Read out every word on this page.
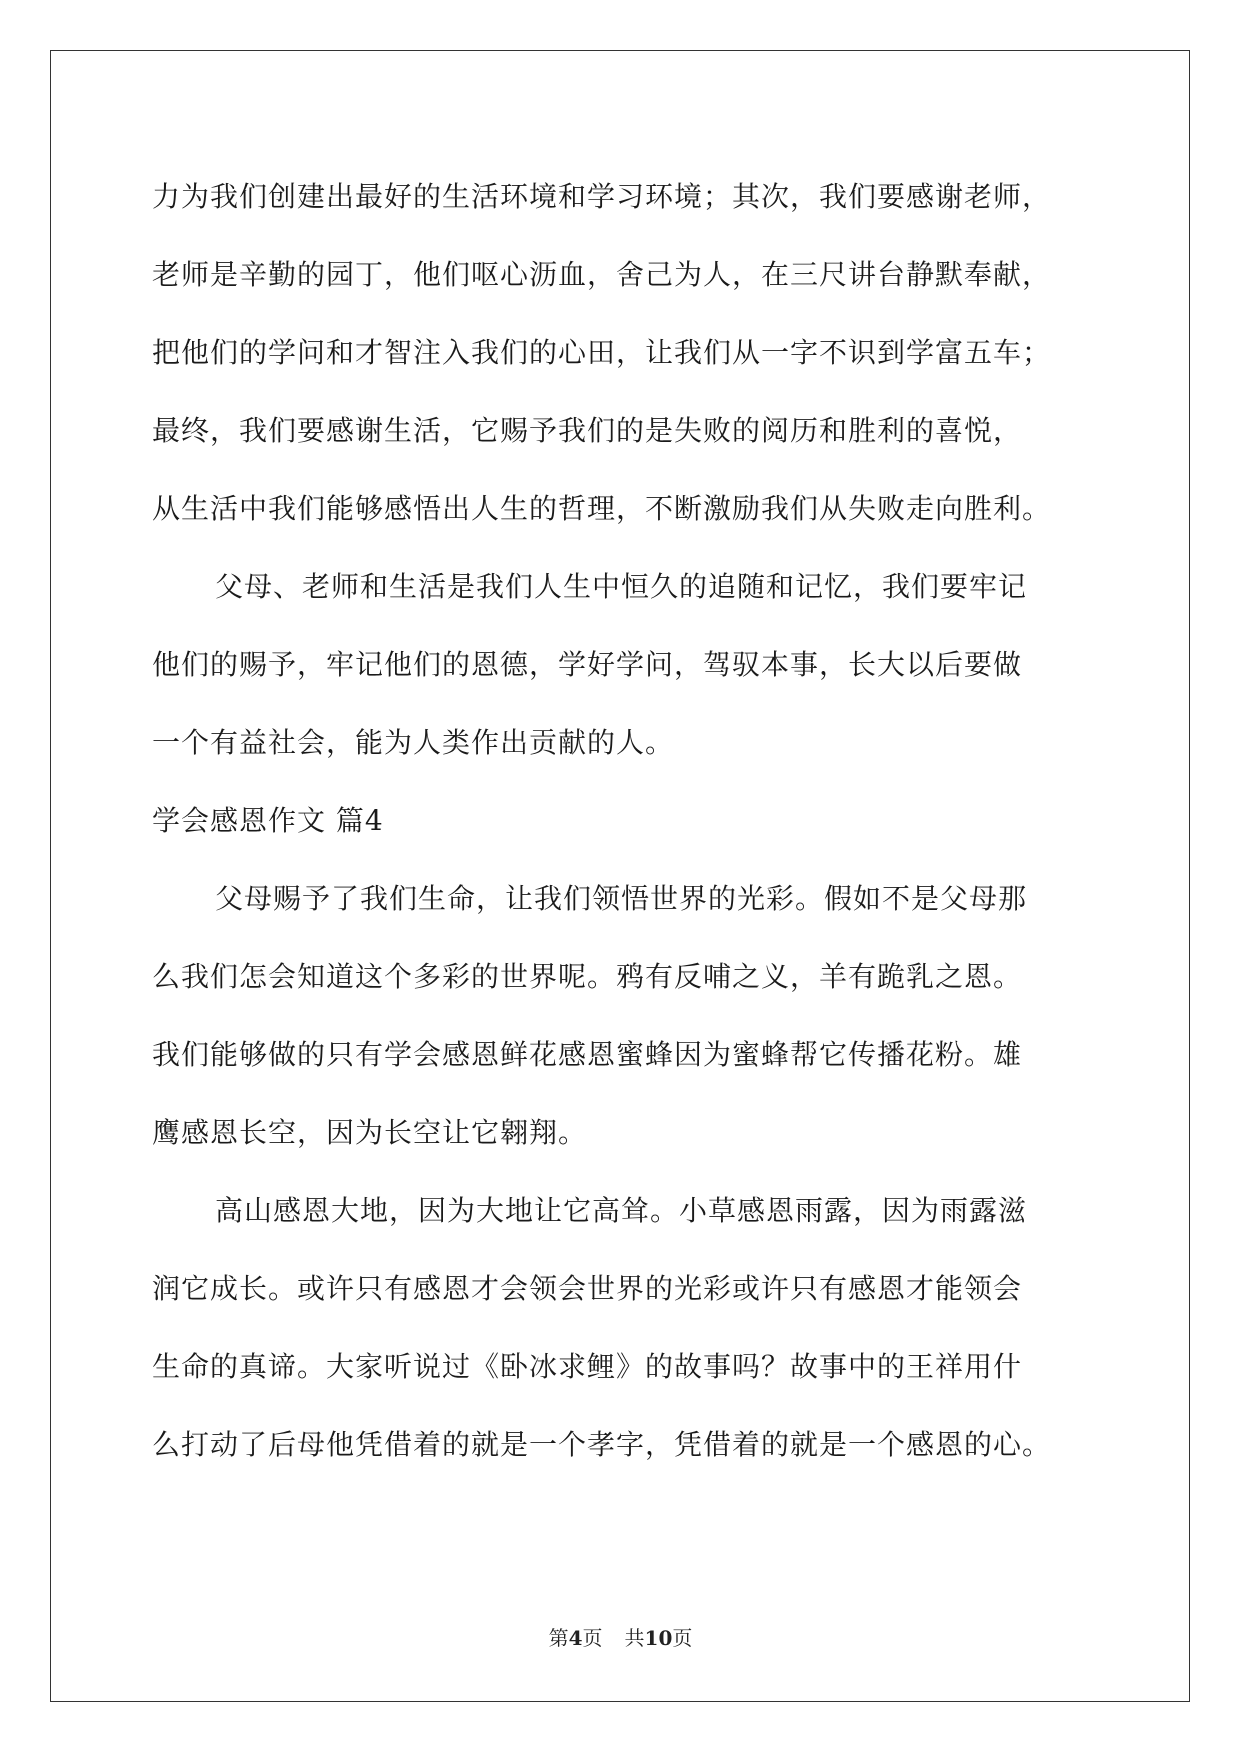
力为我们创建出最好的生活环境和学习环境；其次，我们要感谢老师，
老师是辛勤的园丁，他们呕心沥血，舍己为人，在三尺讲台静默奉献，
把他们的学问和才智注入我们的心田，让我们从一字不识到学富五车；
最终，我们要感谢生活，它赐予我们的是失败的阅历和胜利的喜悦，
从生活中我们能够感悟出人生的哲理，不断激励我们从失败走向胜利。
父母、老师和生活是我们人生中恒久的追随和记忆，我们要牢记
他们的赐予，牢记他们的恩德，学好学问，驾驭本事，长大以后要做
一个有益社会，能为人类作出贡献的人。
学会感恩作文 篇4
父母赐予了我们生命，让我们领悟世界的光彩。假如不是父母那
么我们怎会知道这个多彩的世界呢。鸦有反哺之义，羊有跪乳之恩。
我们能够做的只有学会感恩鲜花感恩蜜蜂因为蜜蜂帮它传播花粉。雄
鹰感恩长空，因为长空让它翱翔。
高山感恩大地，因为大地让它高耸。小草感恩雨露，因为雨露滋
润它成长。或许只有感恩才会领会世界的光彩或许只有感恩才能领会
生命的真谛。大家听说过《卧冰求鲤》的故事吗？故事中的王祥用什
么打动了后母他凭借着的就是一个孝字，凭借着的就是一个感恩的心。
第4页 共10页
